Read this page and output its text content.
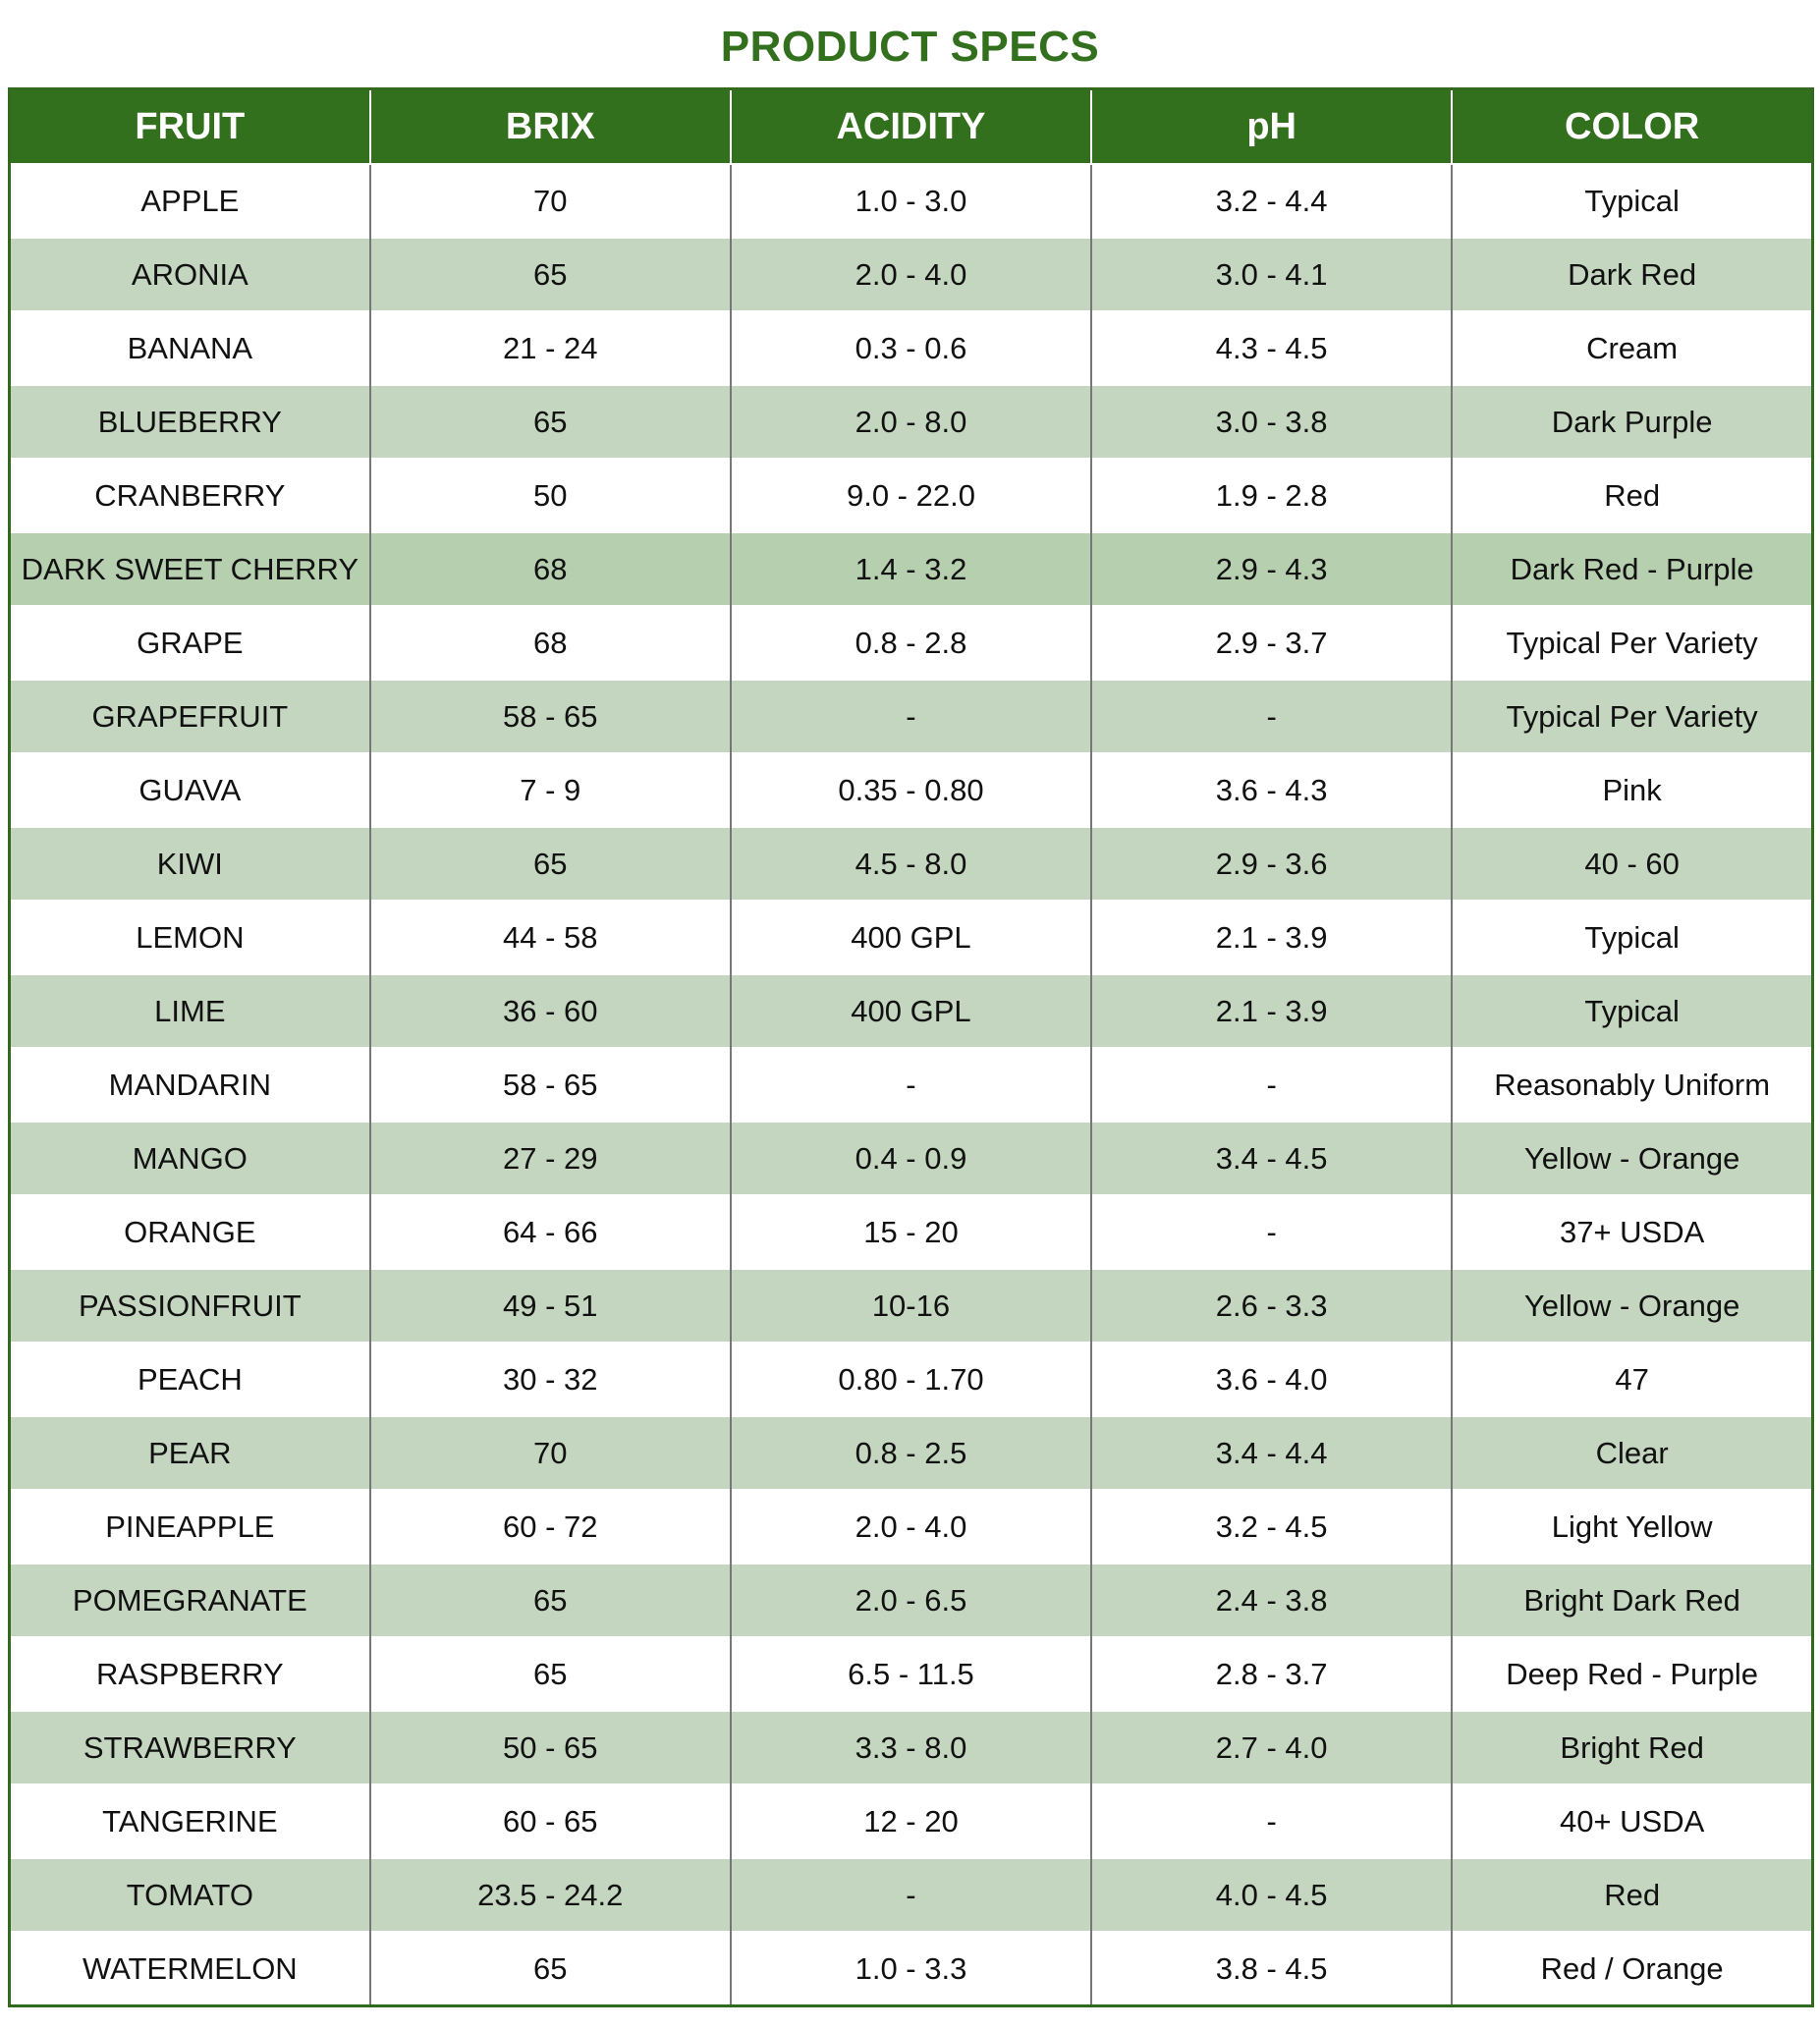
PRODUCT SPECS
FRUIT	BRIX	ACIDITY	pH	COLOR
APPLE	70	1.0 - 3.0	3.2 - 4.4	Typical
ARONIA	65	2.0 - 4.0	3.0 - 4.1	Dark Red
BANANA	21 - 24	0.3 - 0.6	4.3 - 4.5	Cream
BLUEBERRY	65	2.0 - 8.0	3.0 - 3.8	Dark Purple
CRANBERRY	50	9.0 - 22.0	1.9 - 2.8	Red
DARK SWEET CHERRY	68	1.4 - 3.2	2.9 - 4.3	Dark Red - Purple
GRAPE	68	0.8 - 2.8	2.9 - 3.7	Typical Per Variety
GRAPEFRUIT	58 - 65	-	-	Typical Per Variety
GUAVA	7 - 9	0.35 - 0.80	3.6 - 4.3	Pink
KIWI	65	4.5 - 8.0	2.9 - 3.6	40 - 60
LEMON	44 - 58	400 GPL	2.1 - 3.9	Typical
LIME	36 - 60	400 GPL	2.1 - 3.9	Typical
MANDARIN	58 - 65	-	-	Reasonably Uniform
MANGO	27 - 29	0.4 - 0.9	3.4 - 4.5	Yellow - Orange
ORANGE	64 - 66	15 - 20	-	37+ USDA
PASSIONFRUIT	49 - 51	10-16	2.6 - 3.3	Yellow - Orange
PEACH	30 - 32	0.80 - 1.70	3.6 - 4.0	47
PEAR	70	0.8 - 2.5	3.4 - 4.4	Clear
PINEAPPLE	60 - 72	2.0 - 4.0	3.2 - 4.5	Light Yellow
POMEGRANATE	65	2.0 - 6.5	2.4 - 3.8	Bright Dark Red
RASPBERRY	65	6.5 - 11.5	2.8 - 3.7	Deep Red - Purple
STRAWBERRY	50 - 65	3.3 - 8.0	2.7 - 4.0	Bright Red
TANGERINE	60 - 65	12 - 20	-	40+ USDA
TOMATO	23.5 - 24.2	-	4.0 - 4.5	Red
WATERMELON	65	1.0 - 3.3	3.8 - 4.5	Red / Orange
